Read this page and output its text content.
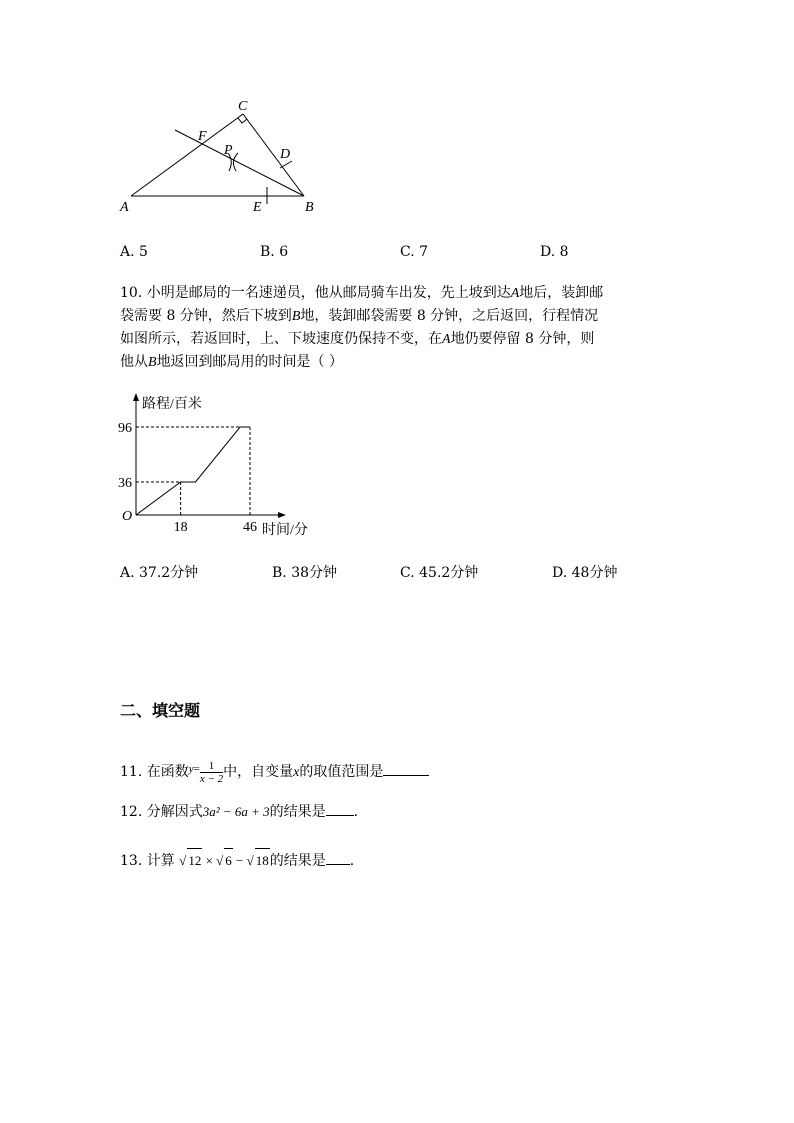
A	B
C
D
E
F
P
A. 5	B. 6	C. 7	D. 8
10. 小明是邮局的一名速递员，他从邮局骑车出发，先上坡到达A地后，装卸邮
袋需要 8 分钟，然后下坡到B地，装卸邮袋需要 8 分钟，之后返回，行程情况
如图所示，若返回时，上、下坡速度仍保持不变，在A地仍要停留 8 分钟，则
他从B地返回到邮局用的时间是（ ）
路程/百米
时间/分
O
96
36
18	46
A. 37.2分钟	B. 38分钟	C. 45.2分钟	D. 48分钟
二、填空题
11. 在函数$^{y=} \frac{1}{x - 2}$ 中，自变量x的取值范围是
12. 分解因式3a² − 6a + 3的结果是 .
13. 计算 √ 12 × √ 6 − √ 18的结果是 .
